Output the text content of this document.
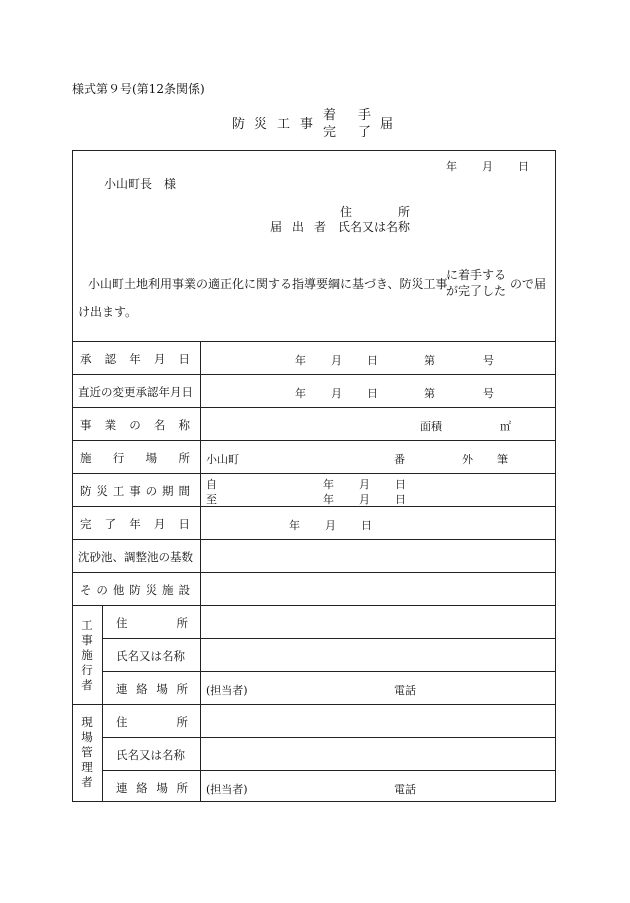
様式第９号(第12条関係)
防 災 工 事
着 手
完 了
届
年 月 日
小山町長　様
住	所
届 出 者 氏名又は名称
小山町土地利用事業の適正化に関する指導要綱に基づき、防災工事
に着手する
が完了した ので届
け出ます。
承 認 年 月 日	年 月 日	第	号
直近の変更承認年月日	年 月 日	第	号
事 業 の 名 称	面積	㎡
施 行 場 所 小山町	番	外 筆
防 災 工 事 の 期 間 自	年 月 日
至	年 月 日
完 了 年 月 日	年 月 日
沈砂池、調整池の基数
そ の 他 防 災 施 設
工
事
施
行
者
住	所
氏名又は名称
連 絡 場 所 (担当者)	電話
現
場
管
理
者
住	所
氏名又は名称
連 絡 場 所 (担当者)	電話
